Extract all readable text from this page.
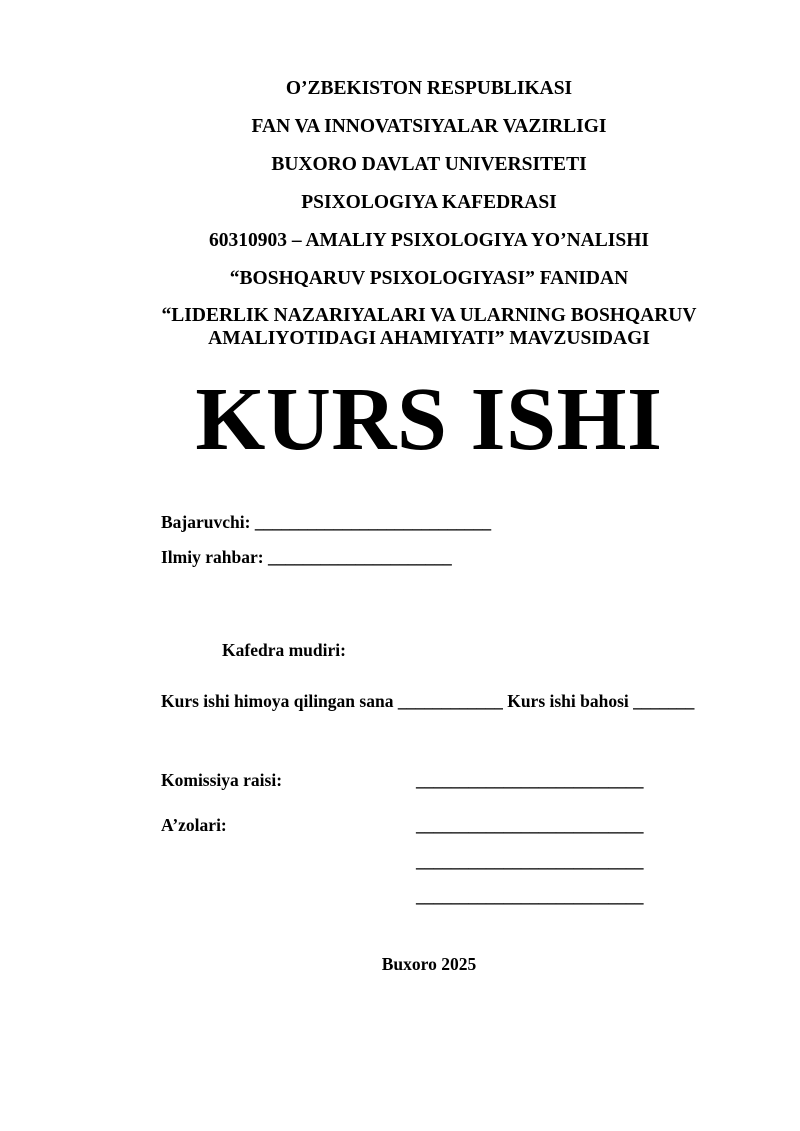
O’ZBEKISTON RESPUBLIKASI
FAN VA INNOVATSIYALAR VAZIRLIGI
BUXORO DAVLAT UNIVERSITETI
PSIXOLOGIYA KAFEDRASI
60310903 – AMALIY PSIXOLOGIYA YO’NALISHI
“BOSHQARUV PSIXOLOGIYASI” FANIDAN
“LIDERLIK NAZARIYALARI VA ULARNING BOSHQARUV
AMALIYOTIDAGI AHAMIYATI” MAVZUSIDAGI
KURS ISHI
Bajaruvchi: ___________________________
Ilmiy rahbar: _____________________
Kafedra mudiri:
Kurs ishi himoya qilingan sana ____________ Kurs ishi bahosi _______
Komissiya raisi:	__________________________
A’zolari:	__________________________
__________________________
__________________________
Buxoro 2025
